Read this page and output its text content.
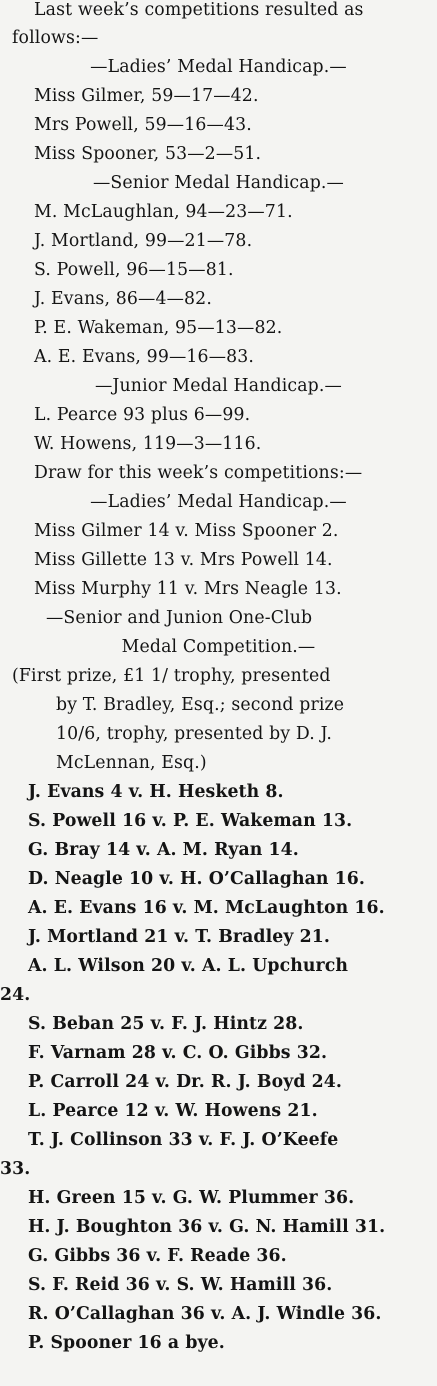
Last week’s competitions resulted as
follows:—
—Ladies’ Medal Handicap.—
Miss Gilmer, 59—17—42.
Mrs Powell, 59—16—43.
Miss Spooner, 53—2—51.
—Senior Medal Handicap.—
M. McLaughlan, 94—23—71.
J. Mortland, 99—21—78.
S. Powell, 96—15—81.
J. Evans, 86—4—82.
P. E. Wakeman, 95—13—82.
A. E. Evans, 99—16—83.
—Junior Medal Handicap.—
L. Pearce 93 plus 6—99.
W. Howens, 119—3—116.
Draw for this week’s competitions:—
—Ladies’ Medal Handicap.—
Miss Gilmer 14 v. Miss Spooner 2.
Miss Gillette 13 v. Mrs Powell 14.
Miss Murphy 11 v. Mrs Neagle 13.
—Senior and Junion One-Club
Medal Competition.—
(First prize, £1 1/ trophy, presented
by T. Bradley, Esq.; second prize
10/6, trophy, presented by D. J.
McLennan, Esq.)
J. Evans 4 v. H. Hesketh 8.
S. Powell 16 v. P. E. Wakeman 13.
G. Bray 14 v. A. M. Ryan 14.
D. Neagle 10 v. H. O’Callaghan 16.
A. E. Evans 16 v. M. McLaughton 16.
J. Mortland 21 v. T. Bradley 21.
A. L. Wilson 20 v. A. L. Upchurch
24.
S. Beban 25 v. F. J. Hintz 28.
F. Varnam 28 v. C. O. Gibbs 32.
P. Carroll 24 v. Dr. R. J. Boyd 24.
L. Pearce 12 v. W. Howens 21.
T. J. Collinson 33 v. F. J. O’Keefe
33.
H. Green 15 v. G. W. Plummer 36.
H. J. Boughton 36 v. G. N. Hamill 31.
G. Gibbs 36 v. F. Reade 36.
S. F. Reid 36 v. S. W. Hamill 36.
R. O’Callaghan 36 v. A. J. Windle 36.
P. Spooner 16 a bye.
